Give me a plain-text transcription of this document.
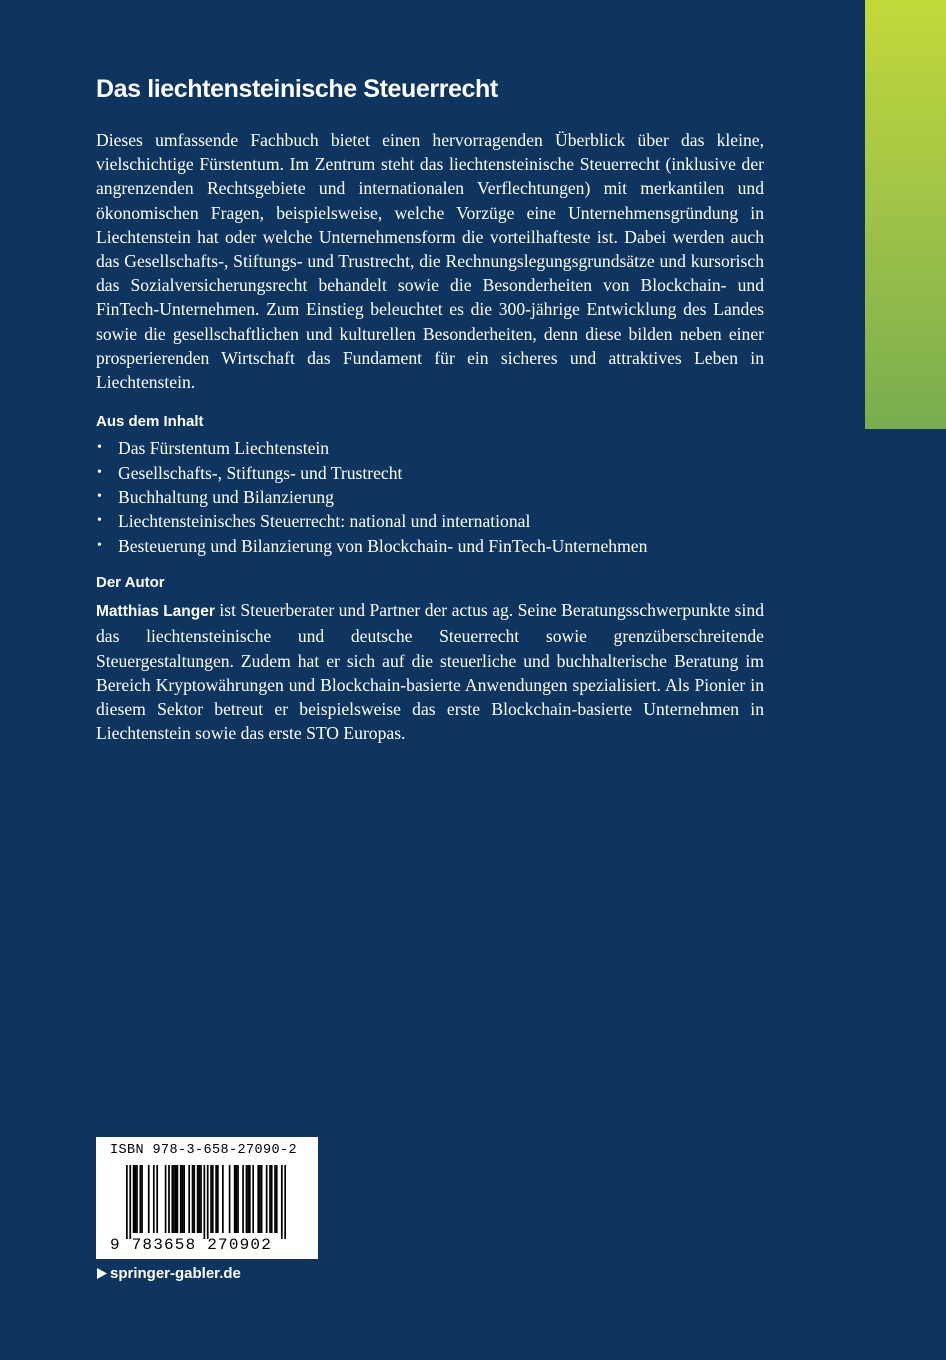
Das liechtensteinische Steuerrecht

Dieses umfassende Fachbuch bietet einen hervorragenden Überblick über das kleine, vielschichtige Fürstentum. Im Zentrum steht das liechtensteinische Steuerrecht (inklusive der angrenzenden Rechtsgebiete und internationalen Verflechtungen) mit merkantilen und ökonomischen Fragen, beispielsweise, welche Vorzüge eine Unternehmensgründung in Liechtenstein hat oder welche Unternehmensform die vorteilhafteste ist. Dabei werden auch das Gesellschafts-, Stiftungs- und Trustrecht, die Rechnungslegungsgrundsätze und kursorisch das Sozialversicherungsrecht behandelt sowie die Besonderheiten von Blockchain- und FinTech-Unternehmen. Zum Einstieg beleuchtet es die 300-jährige Entwicklung des Landes sowie die gesellschaftlichen und kulturellen Besonderheiten, denn diese bilden neben einer prosperierenden Wirtschaft das Fundament für ein sicheres und attraktives Leben in Liechtenstein.

Aus dem Inhalt
• Das Fürstentum Liechtenstein
• Gesellschafts-, Stiftungs- und Trustrecht
• Buchhaltung und Bilanzierung
• Liechtensteinisches Steuerrecht: national und international
• Besteuerung und Bilanzierung von Blockchain- und FinTech-Unternehmen
Der Autor

Matthias Langer ist Steuerberater und Partner der actus ag. Seine Beratungsschwerpunkte sind das liechtensteinische und deutsche Steuerrecht sowie grenzüberschreitende Steuergestaltungen. Zudem hat er sich auf die steuerliche und buchhalterische Beratung im Bereich Kryptowährungen und Blockchain-basierte Anwendungen spezialisiert. Als Pionier in diesem Sektor betreut er beispielsweise das erste Blockchain-basierte Unternehmen in Liechtenstein sowie das erste STO Europas.

ISBN 978-3-658-27090-2
9 783658 270902
springer-gabler.de
